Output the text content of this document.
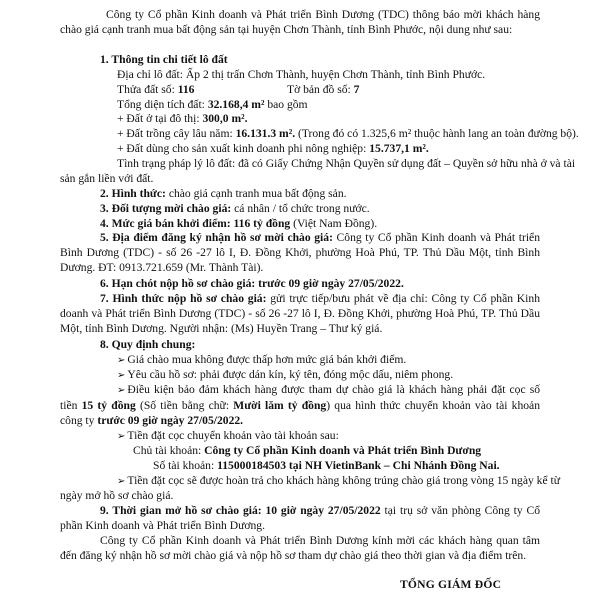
Công ty Cổ phần Kinh doanh và Phát triển Bình Dương (TDC) thông báo mời khách hàng chào giá cạnh tranh mua bất động sản tại huyện Chơn Thành, tỉnh Bình Phước, nội dung như sau:

1. Thông tin chi tiết lô đất
Địa chỉ lô đất: Ấp 2 thị trấn Chơn Thành, huyện Chơn Thành, tỉnh Bình Phước.
Thửa đất số: 116	Tờ bản đồ số: 7
Tổng diện tích đất: 32.168,4 m² bao gồm
+ Đất ở tại đô thị: 300,0 m².
+ Đất trồng cây lâu năm: 16.131.3 m². (Trong đó có 1.325,6 m² thuộc hành lang an toàn đường bộ).
+ Đất dùng cho sản xuất kinh doanh phi nông nghiệp: 15.737,1 m².
Tình trạng pháp lý lô đất: đã có Giấy Chứng Nhận Quyền sử dụng đất – Quyền sở hữu nhà ở và tài
sản gắn liền với đất.
2. Hình thức: chào giá cạnh tranh mua bất động sản.
3. Đối tượng mời chào giá: cá nhân / tổ chức trong nước.
4. Mức giá bán khởi điểm: 116 tỷ đồng (Việt Nam Đồng).

5. Địa điểm đăng ký nhận hồ sơ mời chào giá: Công ty Cổ phần Kinh doanh và Phát triển Bình Dương (TDC) - số 26 -27 lô I, Đ. Đồng Khởi, phường Hoà Phú, TP. Thủ Dầu Một, tỉnh Bình Dương. ĐT: 0913.721.659 (Mr. Thành Tài).

6. Hạn chót nộp hồ sơ chào giá: trước 09 giờ ngày 27/05/2022.

7. Hình thức nộp hồ sơ chào giá: gửi trực tiếp/bưu phát về địa chỉ: Công ty Cổ phần Kinh doanh và Phát triển Bình Dương (TDC) - số 26 -27 lô I, Đ. Đồng Khởi, phường Hoà Phú, TP. Thủ Dầu Một, tỉnh Bình Dương. Người nhận: (Ms) Huyền Trang – Thư ký giá.

8. Quy định chung:
➢ Giá chào mua không được thấp hơn mức giá bán khởi điểm.
➢ Yêu cầu hồ sơ: phải được dán kín, ký tên, đóng mộc dấu, niêm phong.

➢ Điều kiện bảo đảm khách hàng được tham dự chào giá là khách hàng phải đặt cọc số tiền 15 tỷ đồng (Số tiền bằng chữ: Mười lăm tỷ đồng) qua hình thức chuyển khoản vào tài khoản công ty trước 09 giờ ngày 27/05/2022.

➢ Tiền đặt cọc chuyển khoản vào tài khoản sau:
Chủ tài khoản: Công ty Cổ phần Kinh doanh và Phát triển Bình Dương
Số tài khoản: 115000184503 tại NH VietinBank – Chi Nhánh Đồng Nai.
➢ Tiền đặt cọc sẽ được hoàn trả cho khách hàng không trúng chào giá trong vòng 15 ngày kể từ
ngày mở hồ sơ chào giá.

9. Thời gian mở hồ sơ chào giá: 10 giờ ngày 27/05/2022 tại trụ sở văn phòng Công ty Cổ phần Kinh doanh và Phát triển Bình Dương.

Công ty Cổ phần Kinh doanh và Phát triển Bình Dương kính mời các khách hàng quan tâm đến đăng ký nhận hồ sơ mời chào giá và nộp hồ sơ tham dự chào giá theo thời gian và địa điểm trên.

TỔNG GIÁM ĐỐC
